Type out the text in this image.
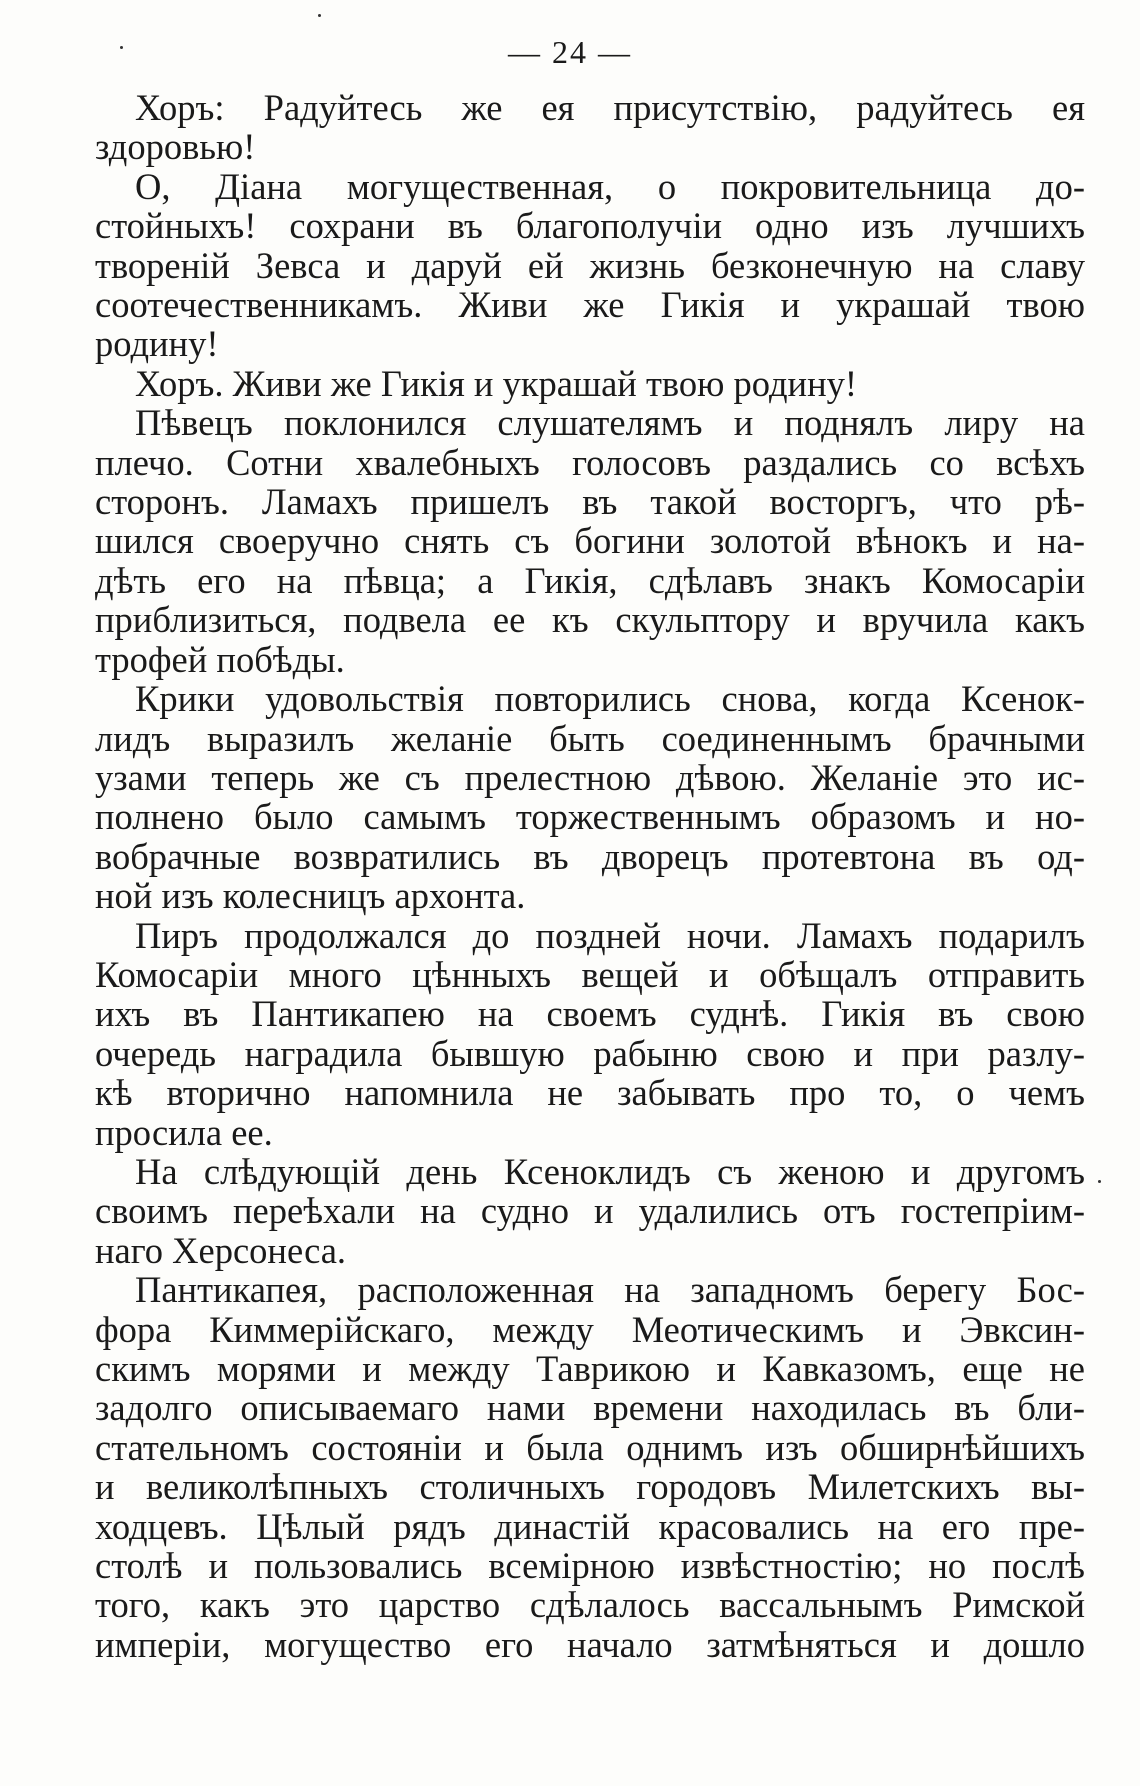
— 24 —
Хоръ: Радуйтесь же ея присутствію, радуйтесь ея
здоровью!
О, Діана могущественная, о покровительница до-
стойныхъ! сохрани въ благополучіи одно изъ лучшихъ
твореній Зевса и даруй ей жизнь безконечную на славу
соотечественникамъ. Живи же Гикія и украшай твою
родину!
Хоръ. Живи же Гикія и украшай твою родину!
Пѣвецъ поклонился слушателямъ и поднялъ лиру на
плечо. Сотни хвалебныхъ голосовъ раздались со всѣхъ
сторонъ. Ламахъ пришелъ въ такой восторгъ, что рѣ-
шился своеручно снять съ богини золотой вѣнокъ и на-
дѣть его на пѣвца; а Гикія, сдѣлавъ знакъ Комосаріи
приблизиться, подвела ее къ скульптору и вручила какъ
трофей побѣды.
Крики удовольствія повторились снова, когда Ксенок-
лидъ выразилъ желаніе быть соединеннымъ брачными
узами теперь же съ прелестною дѣвою. Желаніе это ис-
полнено было самымъ торжественнымъ образомъ и но-
вобрачные возвратились въ дворецъ протевтона въ од-
ной изъ колесницъ архонта.
Пиръ продолжался до поздней ночи. Ламахъ подарилъ
Комосаріи много цѣнныхъ вещей и обѣщалъ отправить
ихъ въ Пантикапею на своемъ суднѣ. Гикія въ свою
очередь наградила бывшую рабыню свою и при разлу-
кѣ вторично напомнила не забывать про то, о чемъ
просила ее.
На слѣдующій день Ксеноклидъ съ женою и другомъ
своимъ переѣхали на судно и удалились отъ гостепріим-
наго Херсонеса.
Пантикапея, расположенная на западномъ берегу Бос-
фора Киммерійскаго, между Меотическимъ и Эвксин-
скимъ морями и между Таврикою и Кавказомъ, еще не
задолго описываемаго нами времени находилась въ бли-
стательномъ состояніи и была однимъ изъ обширнѣйшихъ
и великолѣпныхъ столичныхъ городовъ Милетскихъ вы-
ходцевъ. Цѣлый рядъ династій красовались на его пре-
столѣ и пользовались всемірною извѣстностію; но послѣ
того, какъ это царство сдѣлалось вассальнымъ Римской
имперіи, могущество его начало затмѣняться и дошло
